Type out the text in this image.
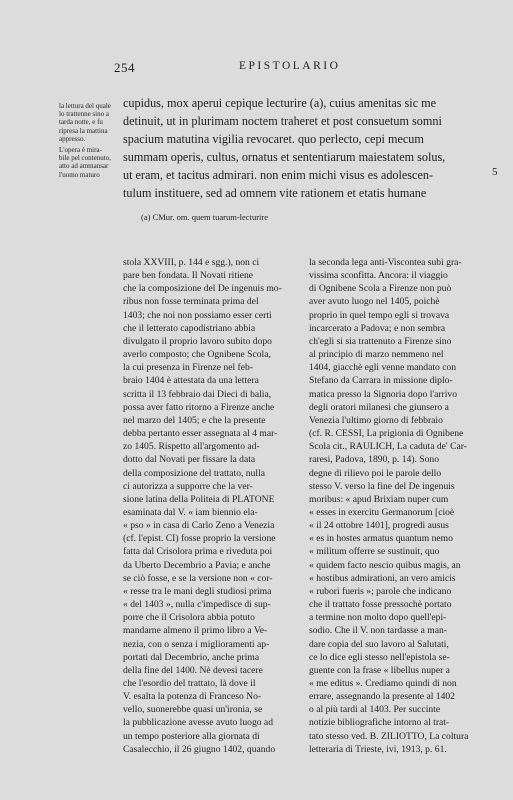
254	EPISTOLARIO
la lettura del quale
lo trattenne sino a
tarda notte, e fu
ripresa la mattina
appresso.
L'opera è mira-
bile pel contenuto,
atto ad ammansar
l'uomo maturo
cupidus, mox aperui cepique lecturire (a), cuius amenitas sic me
detinuit, ut in plurimam noctem traheret et post consuetum somni
spacium matutina vigilia revocaret. quo perlecto, cepi mecum
summam operis, cultus, ornatus et sententiarum maiestatem solus,
ut eram, et tacitus admirari. non enim michi visus es adolescen-
tulum instituere, sed ad omnem vite rationem et etatis humane
5
(a) CMur. om. quem tuarum-lecturire
stola XXVIII, p. 144 e sgg.), non ci
pare ben fondata. Il Novati ritiene
che la composizione del De ingenuis mo-
ribus non fosse terminata prima del
1403; che noi non possiamo esser certi
che il letterato capodistriano abbia
divulgato il proprio lavoro subito dopo
averlo composto; che Ognibene Scola,
la cui presenza in Firenze nel feb-
braio 1404 è attestata da una lettera
scritta il 13 febbraio dai Dieci di balìa,
possa aver fatto ritorno a Firenze anche
nel marzo del 1405; e che la presente
debba pertanto esser assegnata al 4 mar-
zo 1405. Rispetto all'argomento ad-
dotto dal Novati per fissare la data
della composizione del trattato, nulla
ci autorizza a supporre che la ver-
sione latina della Politeia di PLATONE
esaminata dal V. « iam biennio ela-
« pso » in casa di Carlo Zeno a Venezia
(cf. l'epist. CI) fosse proprio la versione
fatta dal Crisolora prima e riveduta poi
da Uberto Decembrio a Pavia; e anche
se ciò fosse, e se la versione non « cor-
« resse tra le mani degli studiosi prima
« del 1403 », nulla c'impedisce di sup-
porre che il Crisolora abbia potuto
mandarne almeno il primo libro a Ve-
nezia, con o senza i miglioramenti ap-
portati dal Decembrio, anche prima
della fine del 1400. Nè devesi tacere
che l'esordio del trattato, là dove il
V. esalta la potenza di Franceso No-
vello, suonerebbe quasi un'ironia, se
la pubblicazione avesse avuto luogo ad
un tempo posteriore alla giornata di
Casalecchio, il 26 giugno 1402, quando
la seconda lega anti-Viscontea subì gra-
vissima sconfitta. Ancora: il viaggio
di Ognibene Scola a Firenze non può
aver avuto luogo nel 1405, poichè
proprio in quel tempo egli si trovava
incarcerato a Padova; e non sembra
ch'egli si sia trattenuto a Firenze sino
al principio di marzo nemmeno nel
1404, giacchè egli venne mandato con
Stefano da Carrara in missione diplo-
matica presso la Signoria dopo l'arrivo
degli oratori milanesi che giunsero a
Venezia l'ultimo giorno di febbraio
(cf. R. CESSI, La prigionia di Ognibene
Scola cit., RAULICH, La caduta de' Car-
raresi, Padova, 1890, p. 14). Sono
degne di rilievo poi le parole dello
stesso V. verso la fine del De ingenuis
moribus: « apud Brixiam nuper cum
« esses in exercitu Germanorum [cioè
« il 24 ottobre 1401], progredi ausus
« es in hostes armatus quantum nemo
« militum offerre se sustinuit, quo
« quidem facto nescio quibus magis, an
« hostibus admirationi, an vero amicis
« rubori fueris »; parole che indicano
che il trattato fosse pressochè portato
a termine non molto dopo quell'epi-
sodio. Che il V. non tardasse a man-
dare copia del suo lavoro al Salutati,
ce lo dice egli stesso nell'epistola se-
guente con la frase « libellus nuper a
« me editus ». Crediamo quindi di non
errare, assegnando la presente al 1402
o al più tardi al 1403. Per succinte
notizie bibliografiche intorno al trat-
tato stesso ved. B. ZILIOTTO, La coltura
letteraria di Trieste, ivi, 1913, p. 61.
